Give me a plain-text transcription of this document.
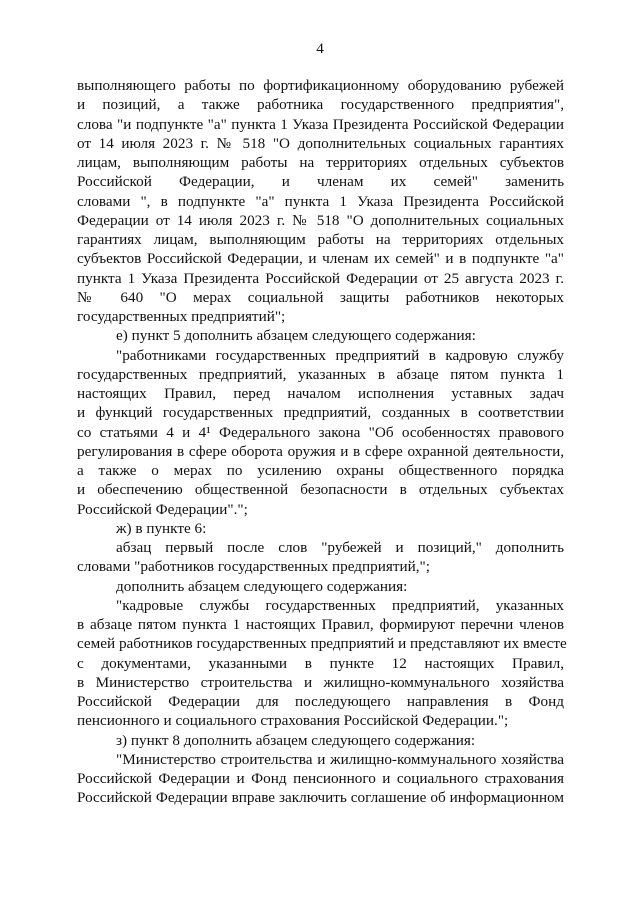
4
выполняющего работы по фортификационному оборудованию рубежей
и позиций, а также работника государственного предприятия",
слова "и подпункте "а" пункта 1 Указа Президента Российской Федерации
от 14 июля 2023 г. № 518 "О дополнительных социальных гарантиях
лицам, выполняющим работы на территориях отдельных субъектов
Российской Федерации, и членам их семей" заменить
словами ", в подпункте "а" пункта 1 Указа Президента Российской
Федерации от 14 июля 2023 г. № 518 "О дополнительных социальных
гарантиях лицам, выполняющим работы на территориях отдельных
субъектов Российской Федерации, и членам их семей" и в подпункте "а"
пункта 1 Указа Президента Российской Федерации от 25 августа 2023 г.
№ 640 "О мерах социальной защиты работников некоторых
государственных предприятий";
е) пункт 5 дополнить абзацем следующего содержания:
"работниками государственных предприятий в кадровую службу
государственных предприятий, указанных в абзаце пятом пункта 1
настоящих Правил, перед началом исполнения уставных задач
и функций государственных предприятий, созданных в соответствии
со статьями 4 и 4¹ Федерального закона "Об особенностях правового
регулирования в сфере оборота оружия и в сфере охранной деятельности,
а также о мерах по усилению охраны общественного порядка
и обеспечению общественной безопасности в отдельных субъектах
Российской Федерации".";
ж) в пункте 6:
абзац первый после слов "рубежей и позиций," дополнить
словами "работников государственных предприятий,";
дополнить абзацем следующего содержания:
"кадровые службы государственных предприятий, указанных
в абзаце пятом пункта 1 настоящих Правил, формируют перечни членов
семей работников государственных предприятий и представляют их вместе
с документами, указанными в пункте 12 настоящих Правил,
в Министерство строительства и жилищно-коммунального хозяйства
Российской Федерации для последующего направления в Фонд
пенсионного и социального страхования Российской Федерации.";
з) пункт 8 дополнить абзацем следующего содержания:
"Министерство строительства и жилищно-коммунального хозяйства
Российской Федерации и Фонд пенсионного и социального страхования
Российской Федерации вправе заключить соглашение об информационном
